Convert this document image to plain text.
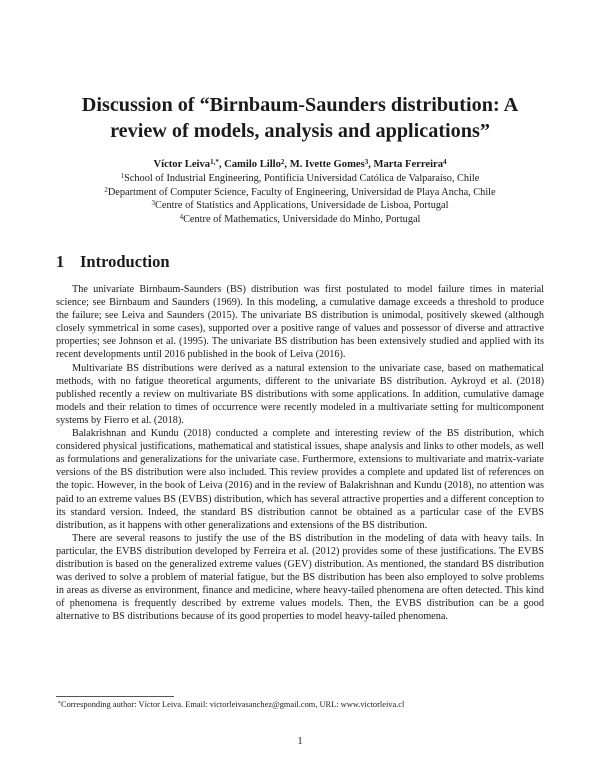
Discussion of “Birnbaum-Saunders distribution: A
review of models, analysis and applications”
Víctor Leiva$^{1,*}$, Camilo Lillo$^2$, M. Ivette Gomes$^3$, Marta Ferreira$^4$
$^1$School of Industrial Engineering, Pontificia Universidad Católica de Valparaíso, Chile
$^2$Department of Computer Science, Faculty of Engineering, Universidad de Playa Ancha, Chile
$^3$Centre of Statistics and Applications, Universidade de Lisboa, Portugal
$^4$Centre of Mathematics, Universidade do Minho, Portugal
1 Introduction

The univariate Birnbaum-Saunders (BS) distribution was first postulated to model failure times in material science; see Birnbaum and Saunders (1969). In this modeling, a cumulative damage exceeds a threshold to produce the failure; see Leiva and Saunders (2015). The univariate BS distribution is unimodal, positively skewed (although closely symmetrical in some cases), supported over a positive range of values and possessor of diverse and attractive properties; see Johnson et al. (1995). The univariate BS distribution has been extensively studied and applied with its recent developments until 2016 published in the book of Leiva (2016).

Multivariate BS distributions were derived as a natural extension to the univariate case, based on mathematical methods, with no fatigue theoretical arguments, different to the univariate BS distribution. Aykroyd et al. (2018) published recently a review on multivariate BS distributions with some applications. In addition, cumulative damage models and their relation to times of occurrence were recently modeled in a multivariate setting for multicomponent systems by Fierro et al. (2018).

Balakrishnan and Kundu (2018) conducted a complete and interesting review of the BS distribution, which considered physical justifications, mathematical and statistical issues, shape analysis and links to other models, as well as formulations and generalizations for the univariate case. Furthermore, extensions to multivariate and matrix-variate versions of the BS distribution were also included. This review provides a complete and updated list of references on the topic. However, in the book of Leiva (2016) and in the review of Balakrishnan and Kundu (2018), no attention was paid to an extreme values BS (EVBS) distribution, which has several attractive properties and a different conception to its standard version. Indeed, the standard BS distribution cannot be obtained as a particular case of the EVBS distribution, as it happens with other generalizations and extensions of the BS distribution.

There are several reasons to justify the use of the BS distribution in the modeling of data with heavy tails. In particular, the EVBS distribution developed by Ferreira et al. (2012) provides some of these justifications. The EVBS distribution is based on the generalized extreme values (GEV) distribution. As mentioned, the standard BS distribution was derived to solve a problem of material fatigue, but the BS distribution has been also employed to solve problems in areas as diverse as environment, finance and medicine, where heavy-tailed phenomena are often detected. This kind of phenomena is frequently described by extreme values models. Then, the EVBS distribution can be a good alternative to BS distributions because of its good properties to model heavy-tailed phenomena.

*Corresponding author: Víctor Leiva. Email: victorleivasanchez@gmail.com, URL: www.victorleiva.cl
1
